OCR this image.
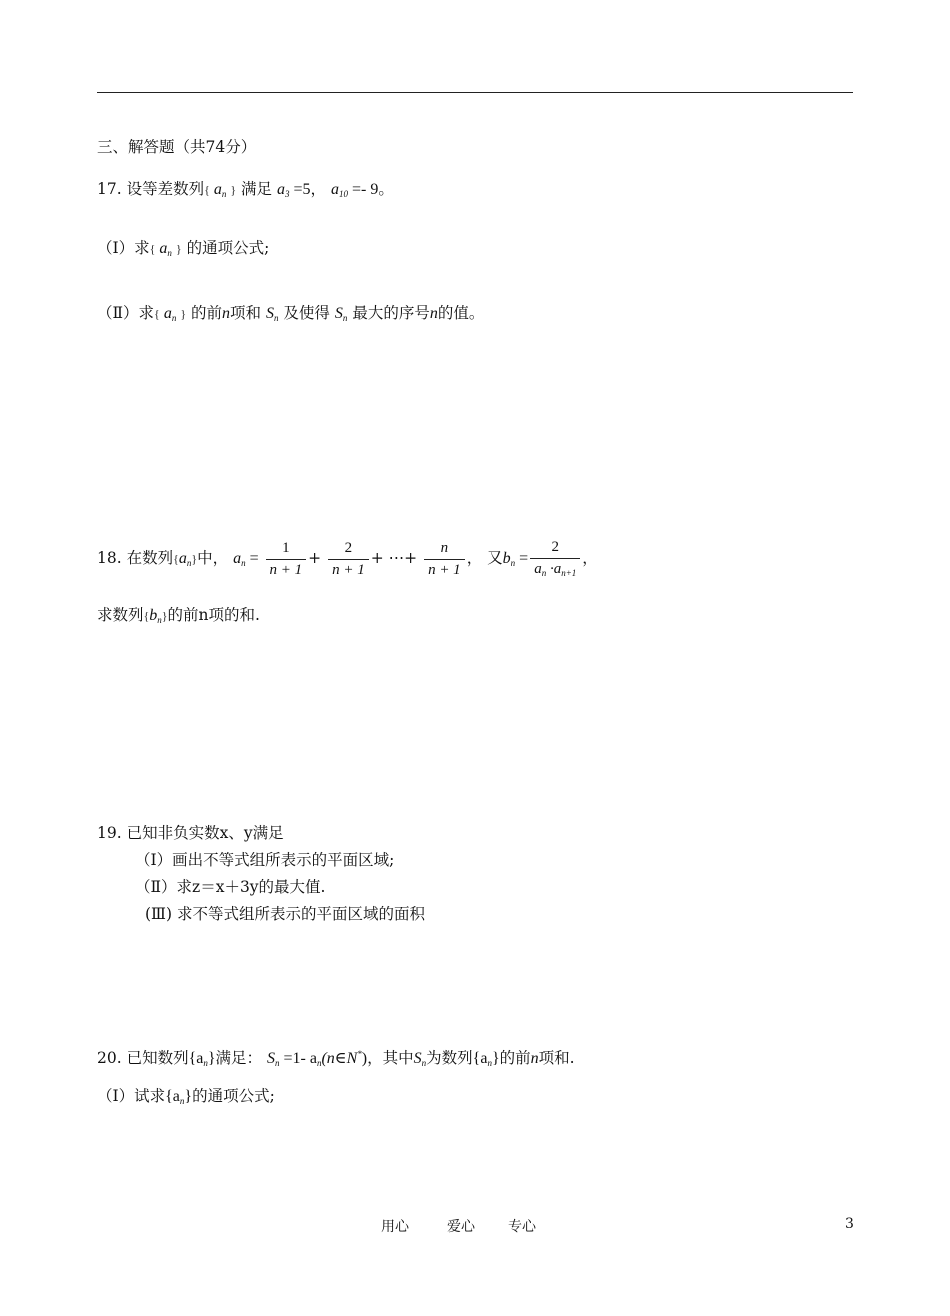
三、解答题（共74分）
17. 设等差数列{ $a_n$ } 满足 $a_3 =5$， $a_{10} =- 9$。
（Ⅰ）求{ $a_n$ } 的通项公式;
（Ⅱ）求{ $a_n$ } 的前n项和 $S_n$ 及使得 $S_n$ 最大的序号n的值。
18. 在数列$\{a_n\}$中， $a_n = \frac{1}{n + 1} + \frac{2}{n + 1}$ + ⋯+ $\frac{n}{n + 1}$ ， 又$b_n = \frac{2}{a_n \cdot a_{n+1}}$ ，
求数列$\{b_n\}$的前n项的和.
19. 已知非负实数x、y满足
（Ⅰ）画出不等式组所表示的平面区域;
（Ⅱ）求z＝x＋3y的最大值.
(Ⅲ) 求不等式组所表示的平面区域的面积
20. 已知数列$\{a_n\}$满足： $S_n =1-$ $a_n(n\in N^*)$，其中$S_n$为数列$\{a_n\}$的前n项和.
（Ⅰ）试求$\{a_n\}$的通项公式;
用心	爱心 专心	3
